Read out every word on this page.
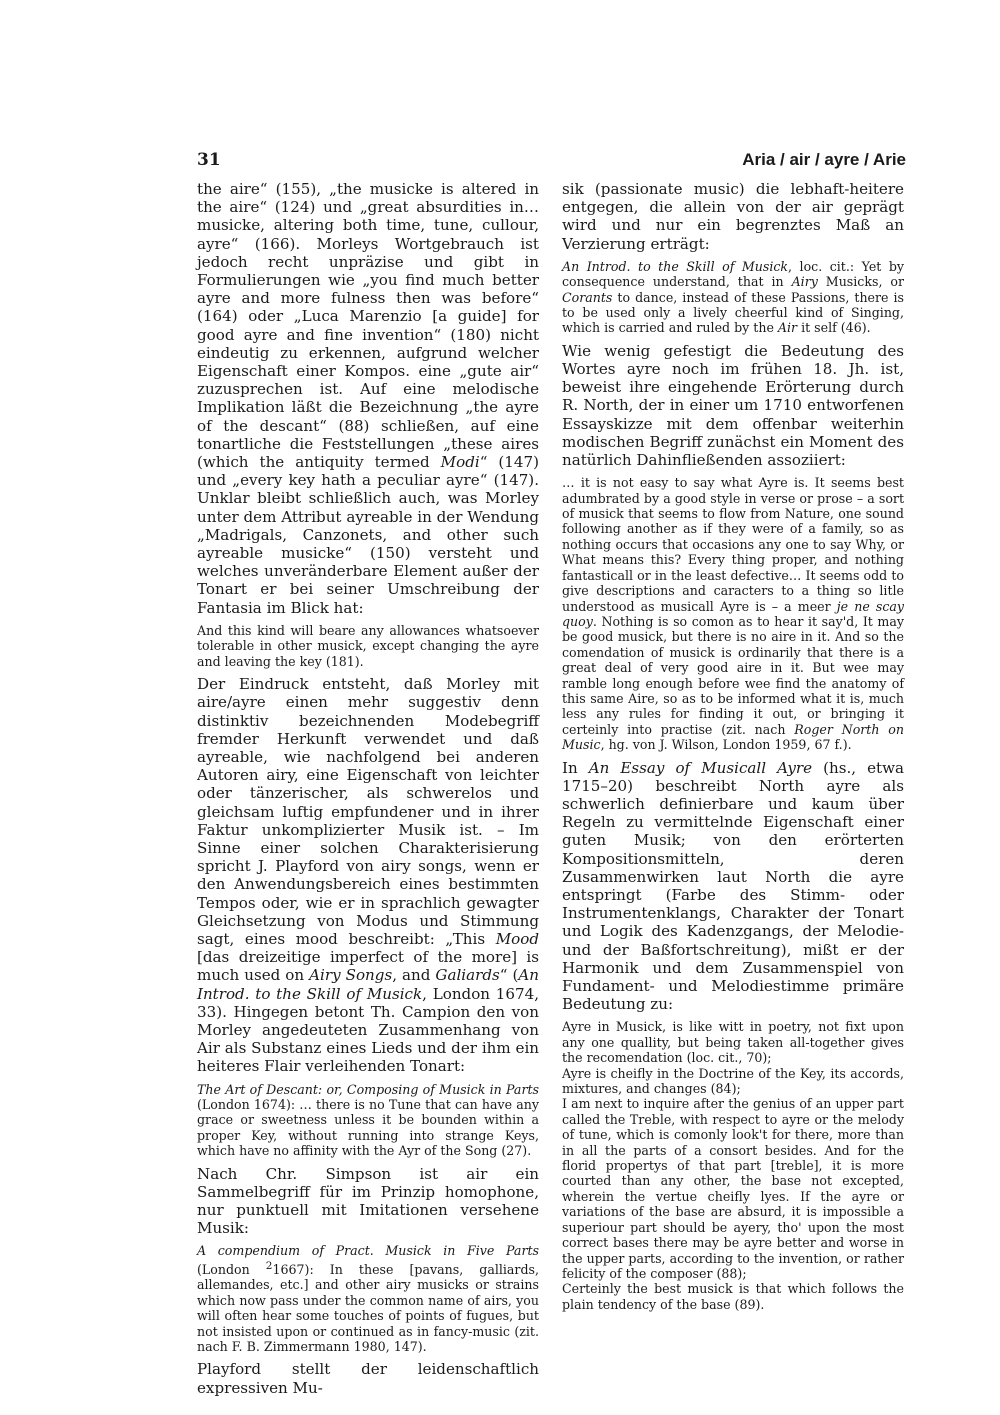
31	Aria / air / ayre / Arie

the aire“ (155), „the musicke is altered in the aire“ (124) und „great absurdities in… musicke, altering both time, tune, cullour, ayre“ (166). Morleys Wortgebrauch ist jedoch recht unpräzise und gibt in Formulierungen wie „you find much better ayre and more fulness then was before“ (164) oder „Luca Marenzio [a guide] for good ayre and fine invention“ (180) nicht eindeutig zu erkennen, aufgrund welcher Eigenschaft einer Kompos. eine „gute air“ zuzusprechen ist. Auf eine melodische Implikation läßt die Bezeichnung „the ayre of the descant“ (88) schließen, auf eine tonartliche die Feststellungen „these aires (which the antiquity termed Modi“ (147) und „every key hath a peculiar ayre“ (147). Unklar bleibt schließlich auch, was Morley unter dem Attribut ayreable in der Wendung „Madrigals, Canzonets, and other such ayreable musicke“ (150) versteht und welches unveränderbare Element außer der Tonart er bei seiner Umschreibung der Fantasia im Blick hat:

And this kind will beare any allowances whatsoever tolerable in other musick, except changing the ayre and leaving the key (181).

Der Eindruck entsteht, daß Morley mit aire/ayre einen mehr suggestiv denn distinktiv bezeichnenden Modebegriff fremder Herkunft verwendet und daß ayreable, wie nachfolgend bei anderen Autoren airy, eine Eigenschaft von leichter oder tänzerischer, als schwerelos und gleichsam luftig empfundener und in ihrer Faktur unkomplizierter Musik ist. – Im Sinne einer solchen Charakterisierung spricht J. Playford von airy songs, wenn er den Anwendungsbereich eines bestimmten Tempos oder, wie er in sprachlich gewagter Gleichsetzung von Modus und Stimmung sagt, eines mood beschreibt: „This Mood [das dreizeitige imperfect of the more] is much used on Airy Songs, and Galiards“ (An Introd. to the Skill of Musick, London 1674, 33). Hingegen betont Th. Campion den von Morley angedeuteten Zusammenhang von Air als Substanz eines Lieds und der ihm ein heiteres Flair verleihenden Tonart:

The Art of Descant: or, Composing of Musick in Parts (London 1674): … there is no Tune that can have any grace or sweetness unless it be bounden within a proper Key, without running into strange Keys, which have no affinity with the Ayr of the Song (27).

Nach Chr. Simpson ist air ein Sammelbegriff für im Prinzip homophone, nur punktuell mit Imitationen versehene Musik:

A compendium of Pract. Musick in Five Parts (London $^2$1667): In these [pavans, galliards, allemandes, etc.] and other airy musicks or strains which now pass under the common name of airs, you will often hear some touches of points of fugues, but not insisted upon or continued as in fancy-music (zit. nach F. B. Zimmermann 1980, 147).

Playford stellt der leidenschaftlich expressiven Mu-

sik (passionate music) die lebhaft-heitere entgegen, die allein von der air geprägt wird und nur ein begrenztes Maß an Verzierung erträgt:

An Introd. to the Skill of Musick, loc. cit.: Yet by consequence understand, that in Airy Musicks, or Corants to dance, instead of these Passions, there is to be used only a lively cheerful kind of Singing, which is carried and ruled by the Air it self (46).

Wie wenig gefestigt die Bedeutung des Wortes ayre noch im frühen 18. Jh. ist, beweist ihre eingehende Erörterung durch R. North, der in einer um 1710 entworfenen Essayskizze mit dem offenbar weiterhin modischen Begriff zunächst ein Moment des natürlich Dahinfließenden assoziiert:

… it is not easy to say what Ayre is. It seems best adumbrated by a good style in verse or prose – a sort of musick that seems to flow from Nature, one sound following another as if they were of a family, so as nothing occurs that occasions any one to say Why, or What means this? Every thing proper, and nothing fantasticall or in the least defective… It seems odd to give descriptions and caracters to a thing so litle understood as musicall Ayre is – a meer je ne scay quoy. Nothing is so comon as to hear it say'd, It may be good musick, but there is no aire in it. And so the comendation of musick is ordinarily that there is a great deal of very good aire in it. But wee may ramble long enough before wee find the anatomy of this same Aire, so as to be informed what it is, much less any rules for finding it out, or bringing it certeinly into practise (zit. nach Roger North on Music, hg. von J. Wilson, London 1959, 67 f.).

In An Essay of Musicall Ayre (hs., etwa 1715–20) beschreibt North ayre als schwerlich definierbare und kaum über Regeln zu vermittelnde Eigenschaft einer guten Musik; von den erörterten Kompositionsmitteln, deren Zusammenwirken laut North die ayre entspringt (Farbe des Stimm- oder Instrumentenklangs, Charakter der Tonart und Logik des Kadenzgangs, der Melodie- und der Baßfortschreitung), mißt er der Harmonik und dem Zusammenspiel von Fundament- und Melodiestimme primäre Bedeutung zu:

Ayre in Musick, is like witt in poetry, not fixt upon any one quallity, but being taken all-together gives the recomendation (loc. cit., 70);

Ayre is cheifly in the Doctrine of the Key, its accords, mixtures, and changes (84);

I am next to inquire after the genius of an upper part called the Treble, with respect to ayre or the melody of tune, which is comonly look't for there, more than in all the parts of a consort besides. And for the florid propertys of that part [treble], it is more courted than any other, the base not excepted, wherein the vertue cheifly lyes. If the ayre or variations of the base are absurd, it is impossible a superiour part should be ayery, tho' upon the most correct bases there may be ayre better and worse in the upper parts, according to the invention, or rather felicity of the composer (88);

Certeinly the best musick is that which follows the plain tendency of the base (89).
